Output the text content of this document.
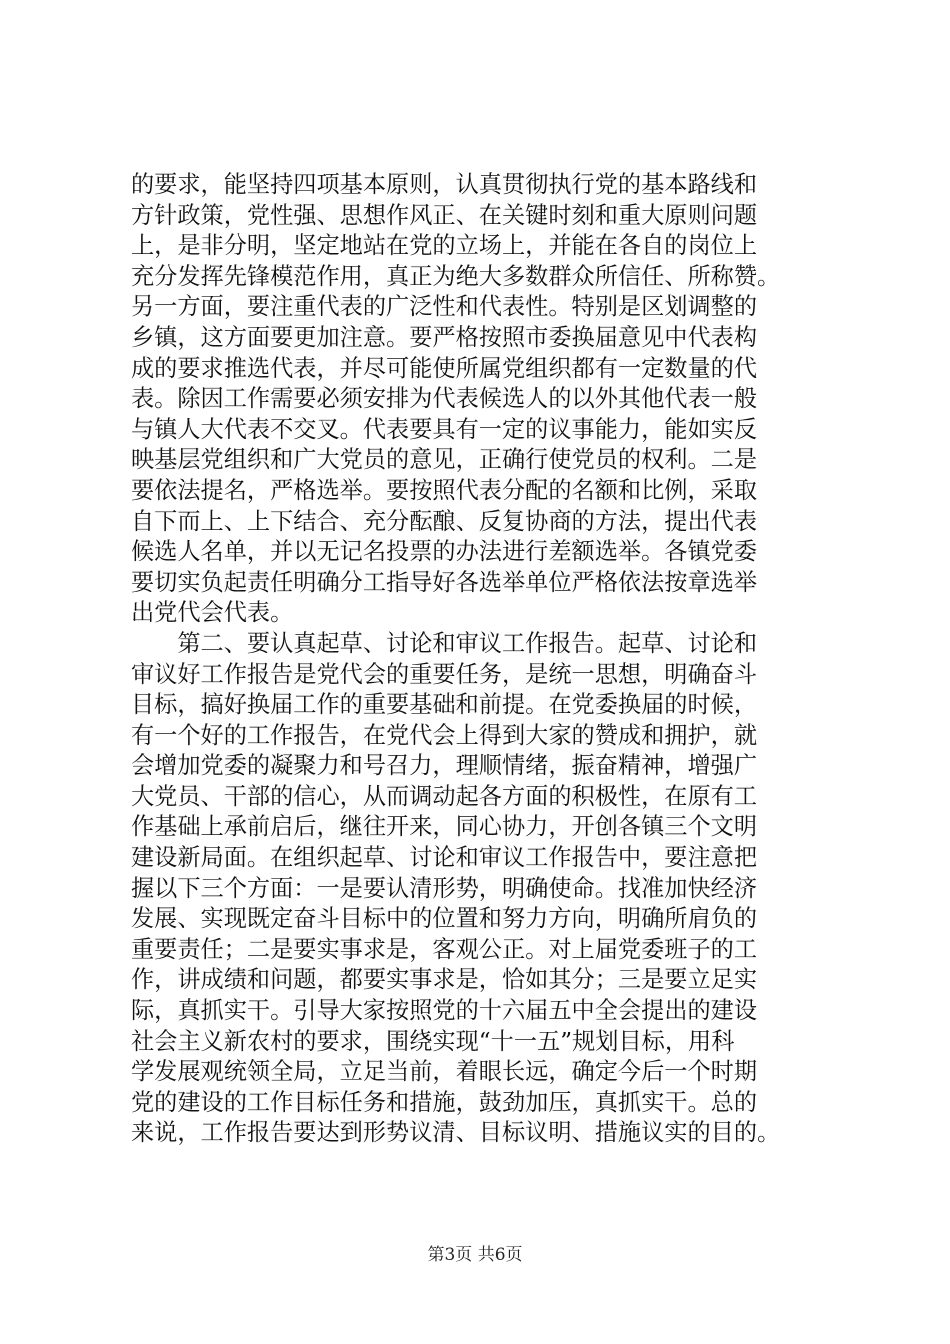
的要求，能坚持四项基本原则，认真贯彻执行党的基本路线和
方针政策，党性强、思想作风正、在关键时刻和重大原则问题
上，是非分明，坚定地站在党的立场上，并能在各自的岗位上
充分发挥先锋模范作用，真正为绝大多数群众所信任、所称赞。
另一方面，要注重代表的广泛性和代表性。特别是区划调整的
乡镇，这方面要更加注意。要严格按照市委换届意见中代表构
成的要求推选代表，并尽可能使所属党组织都有一定数量的代
表。除因工作需要必须安排为代表候选人的以外其他代表一般
与镇人大代表不交叉。代表要具有一定的议事能力，能如实反
映基层党组织和广大党员的意见，正确行使党员的权利。二是
要依法提名，严格选举。要按照代表分配的名额和比例，采取
自下而上、上下结合、充分酝酿、反复协商的方法，提出代表
候选人名单，并以无记名投票的办法进行差额选举。各镇党委
要切实负起责任明确分工指导好各选举单位严格依法按章选举
出党代会代表。
　　第二、要认真起草、讨论和审议工作报告。起草、讨论和
审议好工作报告是党代会的重要任务，是统一思想，明确奋斗
目标，搞好换届工作的重要基础和前提。在党委换届的时候，
有一个好的工作报告，在党代会上得到大家的赞成和拥护，就
会增加党委的凝聚力和号召力，理顺情绪，振奋精神，增强广
大党员、干部的信心，从而调动起各方面的积极性，在原有工
作基础上承前启后，继往开来，同心协力，开创各镇三个文明
建设新局面。在组织起草、讨论和审议工作报告中，要注意把
握以下三个方面：一是要认清形势，明确使命。找准加快经济
发展、实现既定奋斗目标中的位置和努力方向，明确所肩负的
重要责任；二是要实事求是，客观公正。对上届党委班子的工
作，讲成绩和问题，都要实事求是，恰如其分；三是要立足实
际，真抓实干。引导大家按照党的十六届五中全会提出的建设
社会主义新农村的要求，围绕实现“十一五”规划目标，用科
学发展观统领全局，立足当前，着眼长远，确定今后一个时期
党的建设的工作目标任务和措施，鼓劲加压，真抓实干。总的
来说，工作报告要达到形势议清、目标议明、措施议实的目的。
第3页 共6页
